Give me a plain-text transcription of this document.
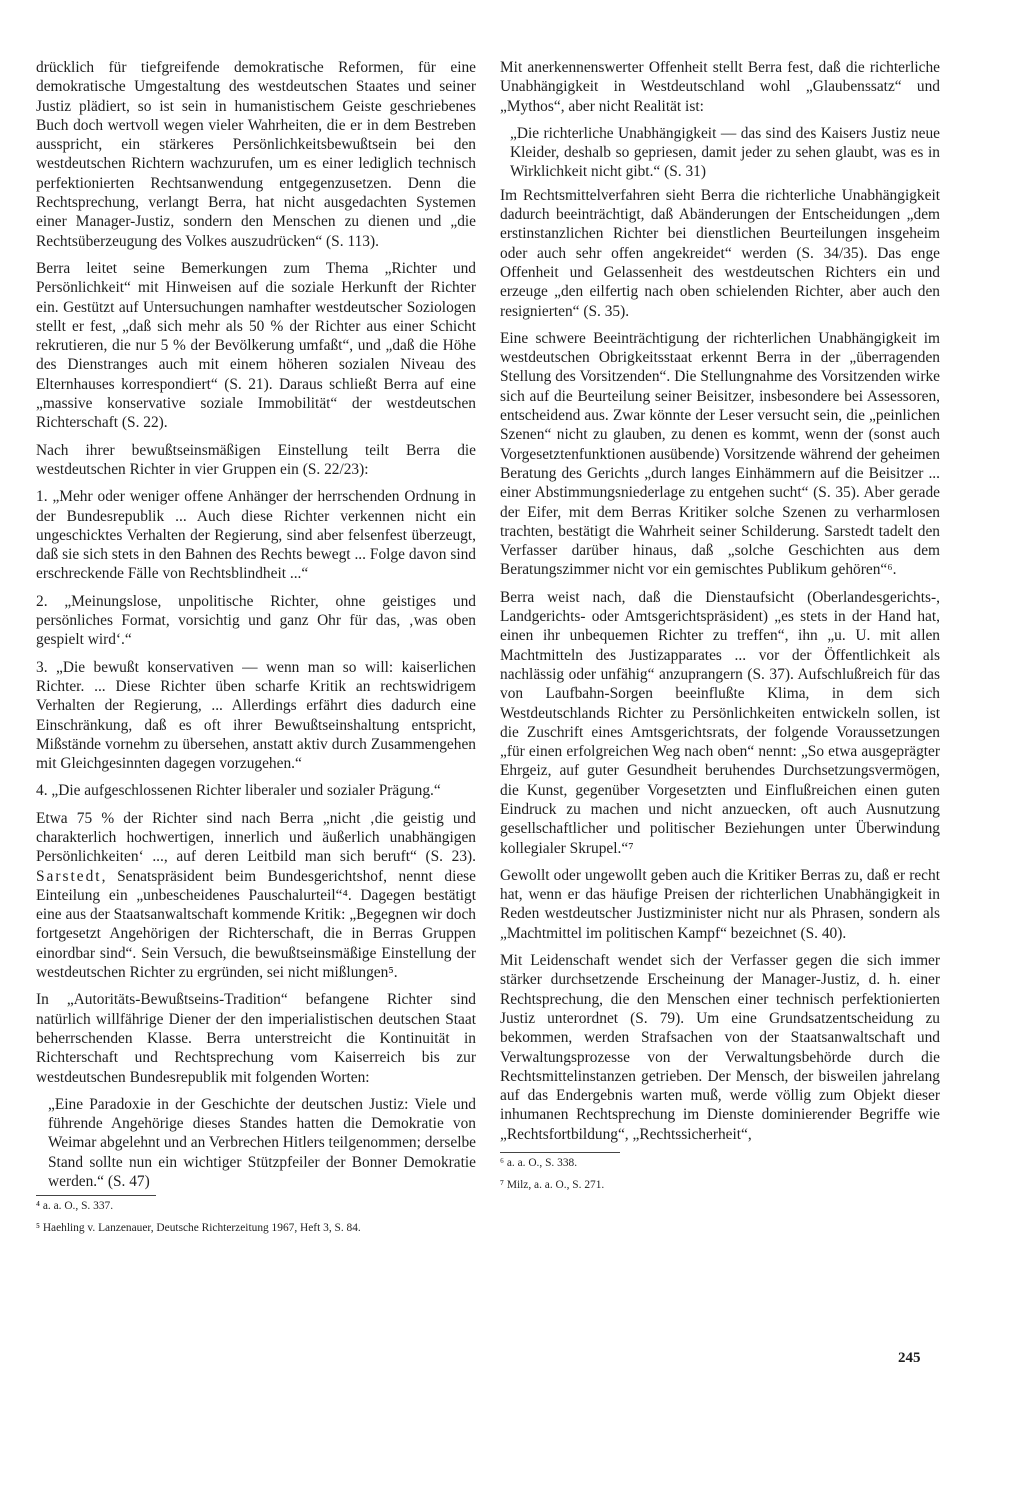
drücklich für tiefgreifende demokratische Reformen, für eine demokratische Umgestaltung des westdeutschen Staates und seiner Justiz plädiert, so ist sein in humanistischem Geiste geschriebenes Buch doch wertvoll wegen vieler Wahrheiten, die er in dem Bestreben ausspricht, ein stärkeres Persönlichkeitsbewußtsein bei den westdeutschen Richtern wachzurufen, um es einer lediglich technisch perfektionierten Rechtsanwendung entgegenzusetzen. Denn die Rechtsprechung, verlangt Berra, hat nicht ausgedachten Systemen einer Manager-Justiz, sondern den Menschen zu dienen und „die Rechtsüberzeugung des Volkes auszudrücken“ (S. 113).

Berra leitet seine Bemerkungen zum Thema „Richter und Persönlichkeit“ mit Hinweisen auf die soziale Herkunft der Richter ein. Gestützt auf Untersuchungen namhafter westdeutscher Soziologen stellt er fest, „daß sich mehr als 50 % der Richter aus einer Schicht rekrutieren, die nur 5 % der Bevölkerung umfaßt“, und „daß die Höhe des Dienstranges auch mit einem höheren sozialen Niveau des Elternhauses korrespondiert“ (S. 21). Daraus schließt Berra auf eine „massive konservative soziale Immobilität“ der westdeutschen Richterschaft (S. 22).

Nach ihrer bewußtseinsmäßigen Einstellung teilt Berra die westdeutschen Richter in vier Gruppen ein (S. 22/23):

1. „Mehr oder weniger offene Anhänger der herrschenden Ordnung in der Bundesrepublik ... Auch diese Richter verkennen nicht ein ungeschicktes Verhalten der Regierung, sind aber felsenfest überzeugt, daß sie sich stets in den Bahnen des Rechts bewegt ... Folge davon sind erschreckende Fälle von Rechtsblindheit ...“

2. „Meinungslose, unpolitische Richter, ohne geistiges und persönliches Format, vorsichtig und ganz Ohr für das, ‚was oben gespielt wird‘.“

3. „Die bewußt konservativen — wenn man so will: kaiserlichen Richter. ... Diese Richter üben scharfe Kritik an rechtswidrigem Verhalten der Regierung, ... Allerdings erfährt dies dadurch eine Einschränkung, daß es oft ihrer Bewußtseinshaltung entspricht, Mißstände vornehm zu übersehen, anstatt aktiv durch Zusammengehen mit Gleichgesinnten dagegen vorzugehen.“

4. „Die aufgeschlossenen Richter liberaler und sozialer Prägung.“

Etwa 75 % der Richter sind nach Berra „nicht ‚die geistig und charakterlich hochwertigen, innerlich und äußerlich unabhängigen Persönlichkeiten‘ ..., auf deren Leitbild man sich beruft“ (S. 23). Sarstedt, Senatspräsident beim Bundesgerichtshof, nennt diese Einteilung ein „unbescheidenes Pauschalurteil“⁴. Dagegen bestätigt eine aus der Staatsanwaltschaft kommende Kritik: „Begegnen wir doch fortgesetzt Angehörigen der Richterschaft, die in Berras Gruppen einordbar sind“. Sein Versuch, die bewußtseinsmäßige Einstellung der westdeutschen Richter zu ergründen, sei nicht mißlungen⁵.

In „Autoritäts-Bewußtseins-Tradition“ befangene Richter sind natürlich willfährige Diener der den imperialistischen deutschen Staat beherrschenden Klasse. Berra unterstreicht die Kontinuität in Richterschaft und Rechtsprechung vom Kaiserreich bis zur westdeutschen Bundesrepublik mit folgenden Worten:

„Eine Paradoxie in der Geschichte der deutschen Justiz: Viele und führende Angehörige dieses Standes hatten die Demokratie von Weimar abgelehnt und an Verbrechen Hitlers teilgenommen; derselbe Stand sollte nun ein wichtiger Stützpfeiler der Bonner Demokratie werden.“ (S. 47)

⁴ a. a. O., S. 337.

⁵ Haehling v. Lanzenauer, Deutsche Richterzeitung 1967, Heft 3, S. 84.

Mit anerkennenswerter Offenheit stellt Berra fest, daß die richterliche Unabhängigkeit in Westdeutschland wohl „Glaubenssatz“ und „Mythos“, aber nicht Realität ist:

„Die richterliche Unabhängigkeit — das sind des Kaisers Justiz neue Kleider, deshalb so gepriesen, damit jeder zu sehen glaubt, was es in Wirklichkeit nicht gibt.“ (S. 31)

Im Rechtsmittelverfahren sieht Berra die richterliche Unabhängigkeit dadurch beeinträchtigt, daß Abänderungen der Entscheidungen „dem erstinstanzlichen Richter bei dienstlichen Beurteilungen insgeheim oder auch sehr offen angekreidet“ werden (S. 34/35). Das enge Offenheit und Gelassenheit des westdeutschen Richters ein und erzeuge „den eilfertig nach oben schielenden Richter, aber auch den resignierten“ (S. 35).

Eine schwere Beeinträchtigung der richterlichen Unabhängigkeit im westdeutschen Obrigkeitsstaat erkennt Berra in der „überragenden Stellung des Vorsitzenden“. Die Stellungnahme des Vorsitzenden wirke sich auf die Beurteilung seiner Beisitzer, insbesondere bei Assessoren, entscheidend aus. Zwar könnte der Leser versucht sein, die „peinlichen Szenen“ nicht zu glauben, zu denen es kommt, wenn der (sonst auch Vorgesetztenfunktionen ausübende) Vorsitzende während der geheimen Beratung des Gerichts „durch langes Einhämmern auf die Beisitzer ... einer Abstimmungsniederlage zu entgehen sucht“ (S. 35). Aber gerade der Eifer, mit dem Berras Kritiker solche Szenen zu verharmlosen trachten, bestätigt die Wahrheit seiner Schilderung. Sarstedt tadelt den Verfasser darüber hinaus, daß „solche Geschichten aus dem Beratungszimmer nicht vor ein gemischtes Publikum gehören“⁶.

Berra weist nach, daß die Dienstaufsicht (Oberlandesgerichts-, Landgerichts- oder Amtsgerichtspräsident) „es stets in der Hand hat, einen ihr unbequemen Richter zu treffen“, ihn „u. U. mit allen Machtmitteln des Justizapparates ... vor der Öffentlichkeit als nachlässig oder unfähig“ anzuprangern (S. 37). Aufschlußreich für das von Laufbahn-Sorgen beeinflußte Klima, in dem sich Westdeutschlands Richter zu Persönlichkeiten entwickeln sollen, ist die Zuschrift eines Amtsgerichtsrats, der folgende Voraussetzungen „für einen erfolgreichen Weg nach oben“ nennt: „So etwa ausgeprägter Ehrgeiz, auf guter Gesundheit beruhendes Durchsetzungsvermögen, die Kunst, gegenüber Vorgesetzten und Einflußreichen einen guten Eindruck zu machen und nicht anzuecken, oft auch Ausnutzung gesellschaftlicher und politischer Beziehungen unter Überwindung kollegialer Skrupel.“⁷

Gewollt oder ungewollt geben auch die Kritiker Berras zu, daß er recht hat, wenn er das häufige Preisen der richterlichen Unabhängigkeit in Reden westdeutscher Justizminister nicht nur als Phrasen, sondern als „Machtmittel im politischen Kampf“ bezeichnet (S. 40).

Mit Leidenschaft wendet sich der Verfasser gegen die sich immer stärker durchsetzende Erscheinung der Manager-Justiz, d. h. einer Rechtsprechung, die den Menschen einer technisch perfektionierten Justiz unterordnet (S. 79). Um eine Grundsatzentscheidung zu bekommen, werden Strafsachen von der Staatsanwaltschaft und Verwaltungsprozesse von der Verwaltungsbehörde durch die Rechtsmittelinstanzen getrieben. Der Mensch, der bisweilen jahrelang auf das Endergebnis warten muß, werde völlig zum Objekt dieser inhumanen Rechtsprechung im Dienste dominierender Begriffe wie „Rechtsfortbildung“, „Rechtssicherheit“,

⁶ a. a. O., S. 338.

⁷ Milz, a. a. O., S. 271.

245
